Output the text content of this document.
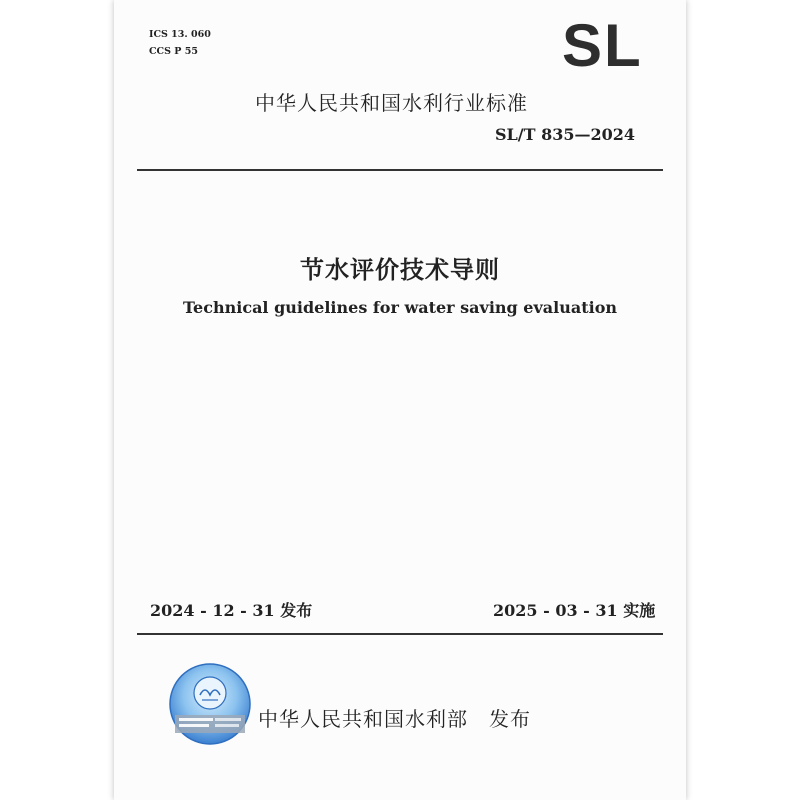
ICS 13. 060
CCS P 55	SL
中华人民共和国水利行业标准
SL/T 835—2024
节水评价技术导则
Technical guidelines for water saving evaluation
2024 - 12 - 31 发布	2025 - 03 - 31 实施
中华人民共和国水利部　发布
